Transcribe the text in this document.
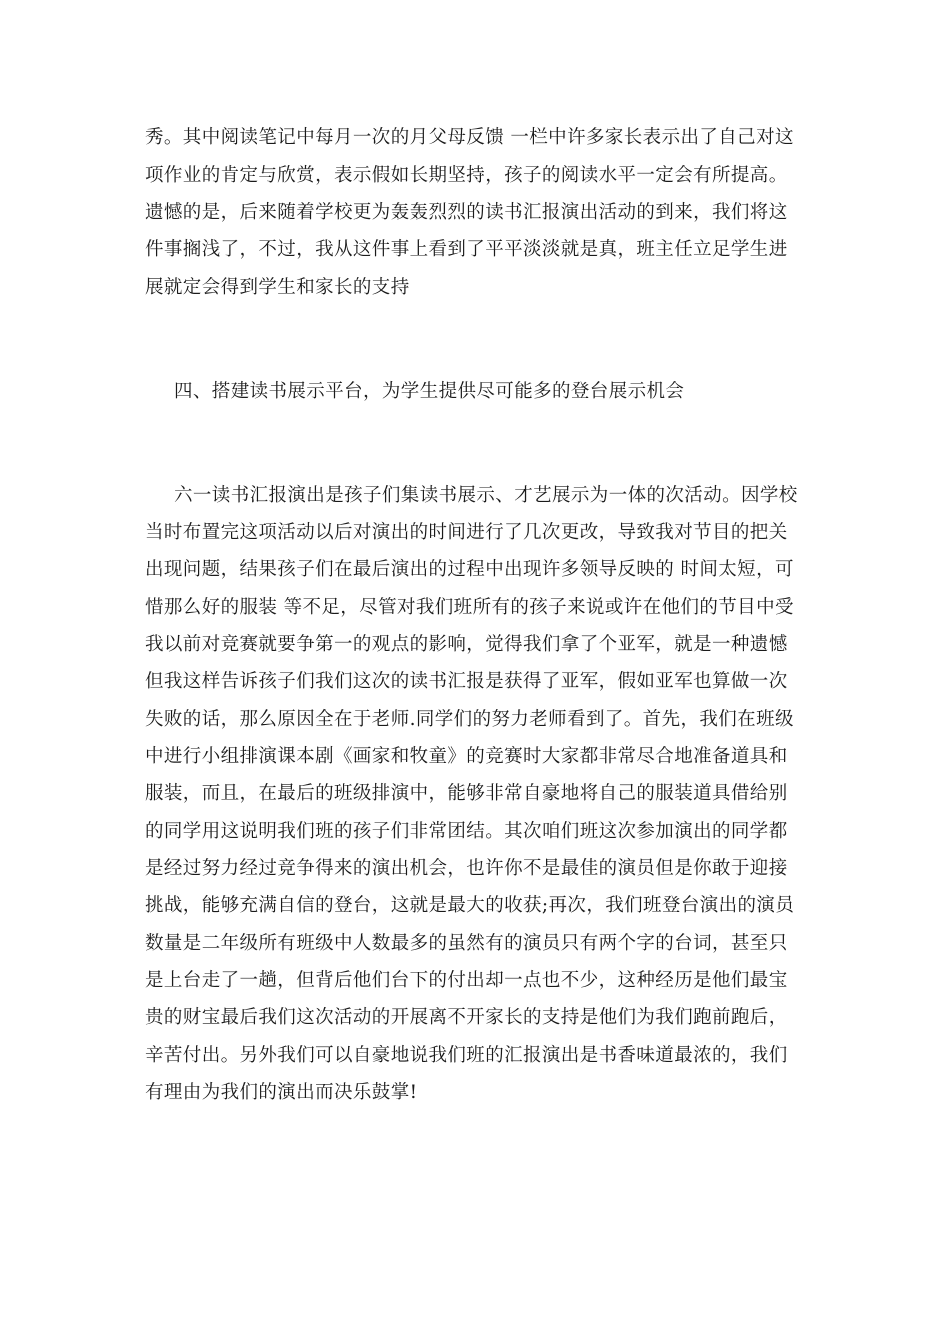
秀。其中阅读笔记中每月一次的月父母反馈 一栏中许多家长表示出了自己对这
项作业的肯定与欣赏，表示假如长期坚持，孩子的阅读水平一定会有所提高。
遗憾的是，后来随着学校更为轰轰烈烈的读书汇报演出活动的到来，我们将这
件事搁浅了，不过，我从这件事上看到了平平淡淡就是真，班主任立足学生进
展就定会得到学生和家长的支持
四、搭建读书展示平台，为学生提供尽可能多的登台展示机会
六一读书汇报演出是孩子们集读书展示、才艺展示为一体的次活动。因学校
当时布置完这项活动以后对演出的时间进行了几次更改，导致我对节目的把关
出现问题，结果孩子们在最后演出的过程中出现许多领导反映的 时间太短，可
惜那么好的服装 等不足，尽管对我们班所有的孩子来说或许在他们的节目中受
我以前对竞赛就要争第一的观点的影响，觉得我们拿了个亚军，就是一种遗憾
但我这样告诉孩子们我们这次的读书汇报是获得了亚军，假如亚军也算做一次
失败的话，那么原因全在于老师.同学们的努力老师看到了。首先，我们在班级
中进行小组排演课本剧《画家和牧童》的竞赛时大家都非常尽合地准备道具和
服装，而且，在最后的班级排演中，能够非常自豪地将自己的服装道具借给别
的同学用这说明我们班的孩子们非常团结。其次咱们班这次参加演出的同学都
是经过努力经过竞争得来的演出机会，也许你不是最佳的演员但是你敢于迎接
挑战，能够充满自信的登台，这就是最大的收获;再次，我们班登台演出的演员
数量是二年级所有班级中人数最多的虽然有的演员只有两个字的台词，甚至只
是上台走了一趟，但背后他们台下的付出却一点也不少，这种经历是他们最宝
贵的财宝最后我们这次活动的开展离不开家长的支持是他们为我们跑前跑后，
辛苦付出。另外我们可以自豪地说我们班的汇报演出是书香味道最浓的，我们
有理由为我们的演出而决乐鼓掌!
